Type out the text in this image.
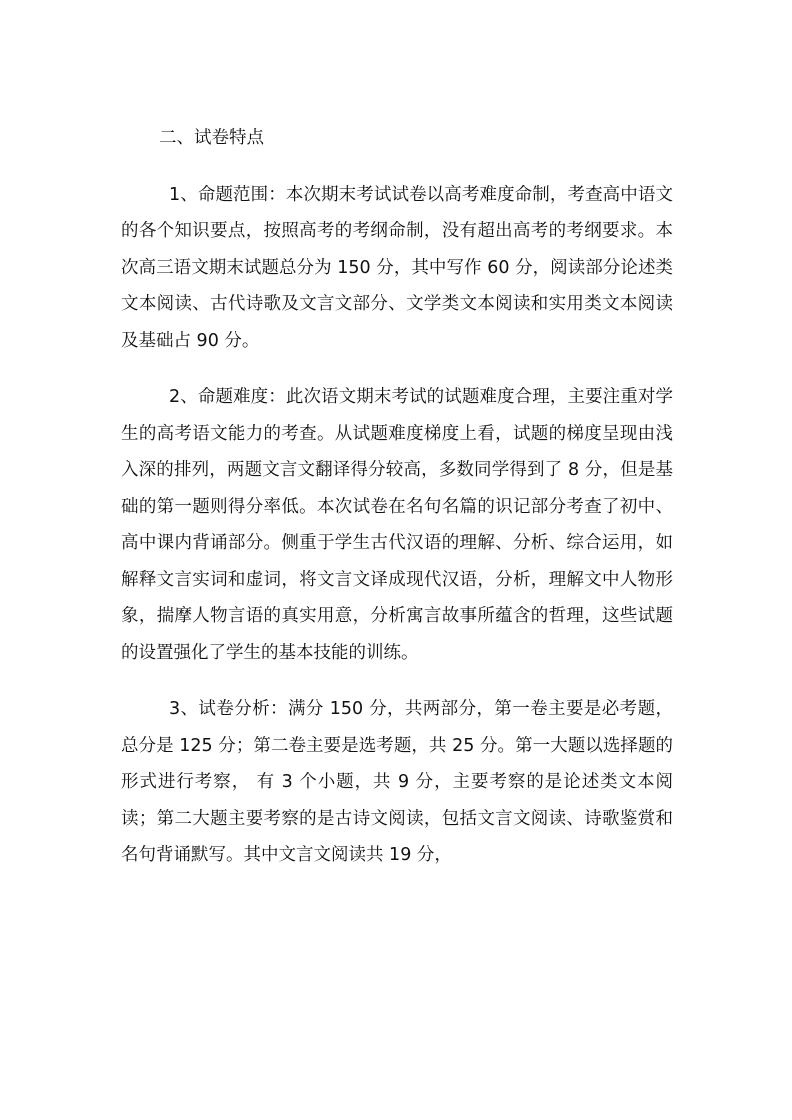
二、试卷特点

1、命题范围：本次期末考试试卷以高考难度命制，考查高中语文的各个知识要点，按照高考的考纲命制，没有超出高考的考纲要求。本次高三语文期末试题总分为 150 分，其中写作 60 分，阅读部分论述类文本阅读、古代诗歌及文言文部分、文学类文本阅读和实用类文本阅读及基础占 90 分。

2、命题难度：此次语文期末考试的试题难度合理，主要注重对学生的高考语文能力的考查。从试题难度梯度上看，试题的梯度呈现由浅入深的排列，两题文言文翻译得分较高，多数同学得到了 8 分，但是基础的第一题则得分率低。本次试卷在名句名篇的识记部分考查了初中、高中课内背诵部分。侧重于学生古代汉语的理解、分析、综合运用，如解释文言实词和虚词，将文言文译成现代汉语，分析，理解文中人物形象，揣摩人物言语的真实用意，分析寓言故事所蕴含的哲理，这些试题的设置强化了学生的基本技能的训练。

3、试卷分析：满分 150 分，共两部分，第一卷主要是必考题，总分是 125 分；第二卷主要是选考题，共 25 分。第一大题以选择题的形式进行考察， 有 3 个小题，共 9 分，主要考察的是论述类文本阅读；第二大题主要考察的是古诗文阅读，包括文言文阅读、诗歌鉴赏和名句背诵默写。其中文言文阅读共 19 分，
